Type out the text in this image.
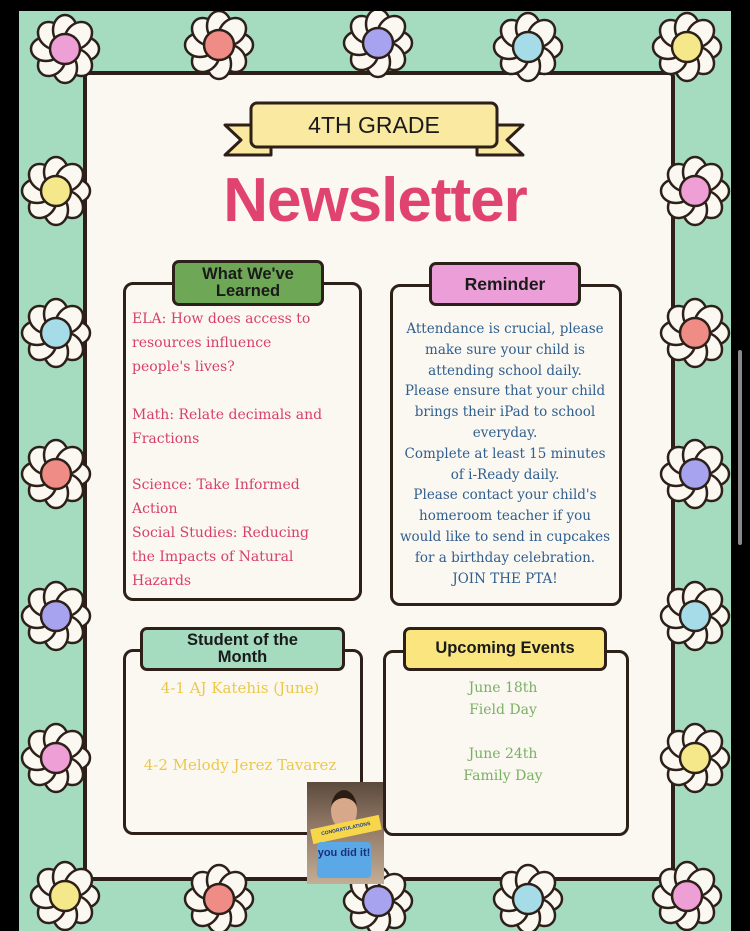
4TH GRADE
Newsletter
What We've Learned
ELA: How does access to resources influence people's lives?
Math: Relate decimals and Fractions
Science: Take Informed Action
Social Studies: Reducing the Impacts of Natural Hazards
Reminder
Attendance is crucial, please
make sure your child is
attending school daily.
Please ensure that your child
brings their iPad to school
everyday.
Complete at least 15 minutes
of i-Ready daily.
Please contact your child's
homeroom teacher if you
would like to send in cupcakes
for a birthday celebration.
JOIN THE PTA!
Student of the Month
4-1 AJ Katehis (June)
4-2 Melody Jerez Tavarez
CONGRATULATIONS
you did it!
Upcoming Events
June 18th
Field Day
June 24th
Family Day
